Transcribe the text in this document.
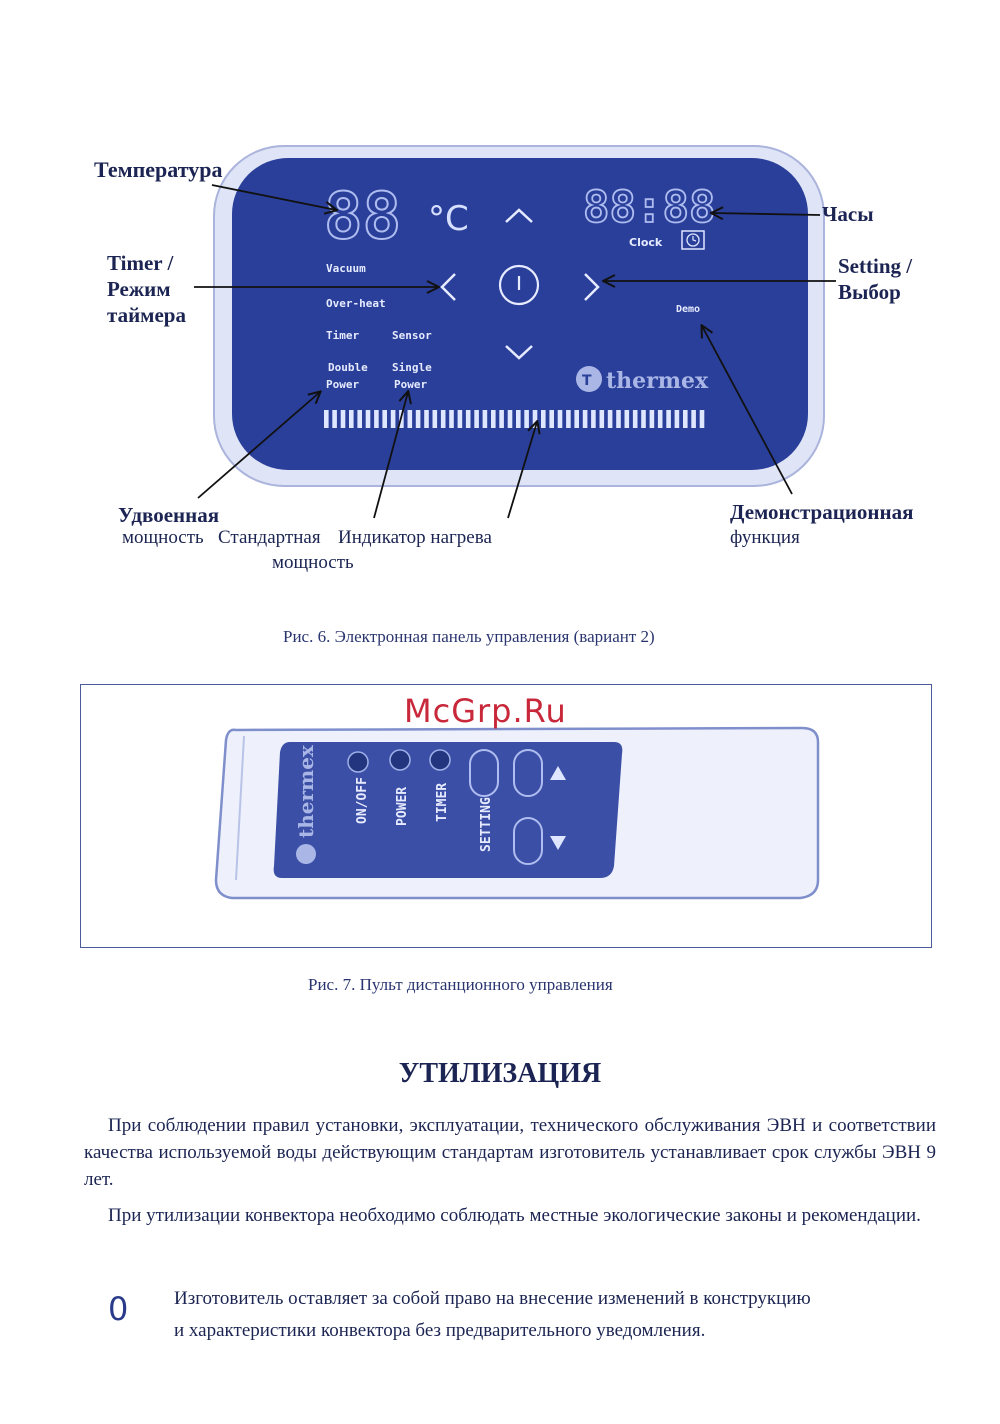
88 °C	88:88
Clock
Vacuum
Over-heat
Timer	Sensor
Double
Power
Single
Power
Demo
T thermex
Температура
Часы
Timer /
Режим
таймера
Setting /
Выбор
Удвоенная
мощность Стандартная
мощность
Индикатор нагрева
Демонстрационная
функция
Рис. 6. Электронная панель управления (вариант 2)
thermex	ON/OFF POWER TIMER SETTING
McGrp.Ru
Рис. 7. Пульт дистанционного управления
УТИЛИЗАЦИЯ
При соблюдении правил установки, эксплуатации, технического обслуживания ЭВН и соответствии качества используемой воды действующим стандартам изготовитель устанавливает срок службы ЭВН 9 лет.
При утилизации конвектора необходимо соблюдать местные экологические законы и рекомендации.
0 Изготовитель оставляет за собой право на внесение изменений в конструкцию
и характеристики конвектора без предварительного уведомления.
